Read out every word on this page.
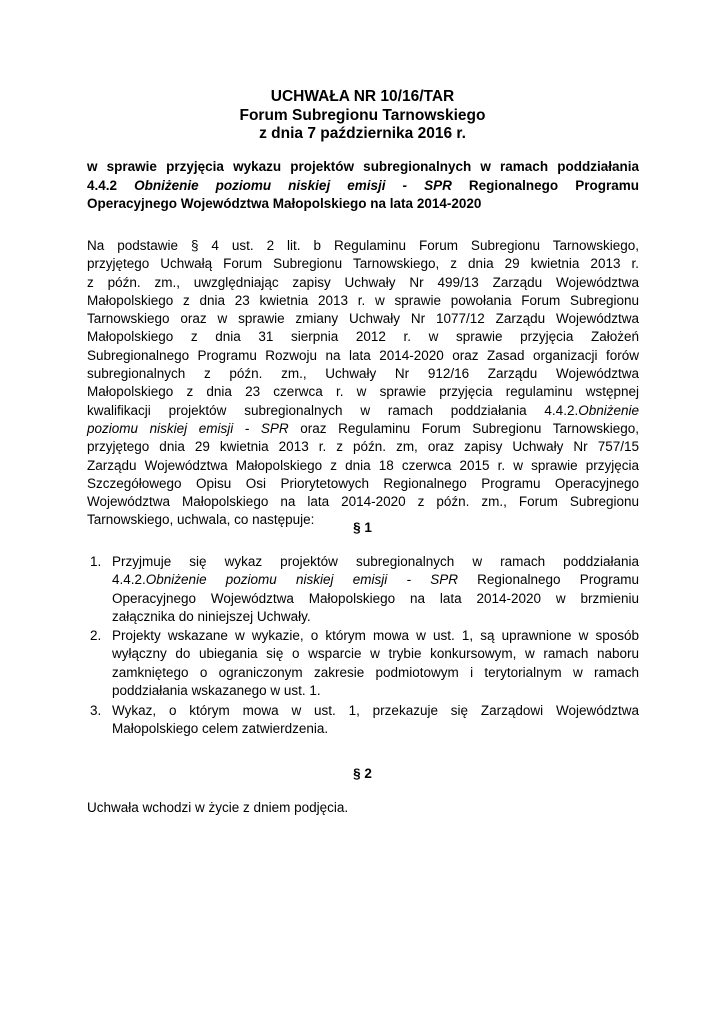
UCHWAŁA NR 10/16/TAR
Forum Subregionu Tarnowskiego
z dnia 7 października 2016 r.
w sprawie przyjęcia wykazu projektów subregionalnych w ramach poddziałania
4.4.2 Obniżenie poziomu niskiej emisji - SPR Regionalnego Programu
Operacyjnego Województwa Małopolskiego na lata 2014-2020
Na podstawie § 4 ust. 2 lit. b Regulaminu Forum Subregionu Tarnowskiego,
przyjętego Uchwałą Forum Subregionu Tarnowskiego, z dnia 29 kwietnia 2013 r.
z późn. zm., uwzględniając zapisy Uchwały Nr 499/13 Zarządu Województwa
Małopolskiego z dnia 23 kwietnia 2013 r. w sprawie powołania Forum Subregionu
Tarnowskiego oraz w sprawie zmiany Uchwały Nr 1077/12 Zarządu Województwa
Małopolskiego z dnia 31 sierpnia 2012 r. w sprawie przyjęcia Założeń
Subregionalnego Programu Rozwoju na lata 2014-2020 oraz Zasad organizacji forów
subregionalnych z późn. zm., Uchwały Nr 912/16 Zarządu Województwa
Małopolskiego z dnia 23 czerwca r. w sprawie przyjęcia regulaminu wstępnej
kwalifikacji projektów subregionalnych w ramach poddziałania 4.4.2.Obniżenie
poziomu niskiej emisji - SPR oraz Regulaminu Forum Subregionu Tarnowskiego,
przyjętego dnia 29 kwietnia 2013 r. z późn. zm, oraz zapisy Uchwały Nr 757/15
Zarządu Województwa Małopolskiego z dnia 18 czerwca 2015 r. w sprawie przyjęcia
Szczegółowego Opisu Osi Priorytetowych Regionalnego Programu Operacyjnego
Województwa Małopolskiego na lata 2014-2020 z późn. zm., Forum Subregionu
Tarnowskiego, uchwala, co następuje:
§ 1
1. Przyjmuje się wykaz projektów subregionalnych w ramach poddziałania
4.4.2.Obniżenie poziomu niskiej emisji - SPR Regionalnego Programu
Operacyjnego Województwa Małopolskiego na lata 2014-2020 w brzmieniu
załącznika do niniejszej Uchwały.
2. Projekty wskazane w wykazie, o którym mowa w ust. 1, są uprawnione w sposób
wyłączny do ubiegania się o wsparcie w trybie konkursowym, w ramach naboru
zamkniętego o ograniczonym zakresie podmiotowym i terytorialnym w ramach
poddziałania wskazanego w ust. 1.
3. Wykaz, o którym mowa w ust. 1, przekazuje się Zarządowi Województwa
Małopolskiego celem zatwierdzenia.
§ 2
Uchwała wchodzi w życie z dniem podjęcia.
